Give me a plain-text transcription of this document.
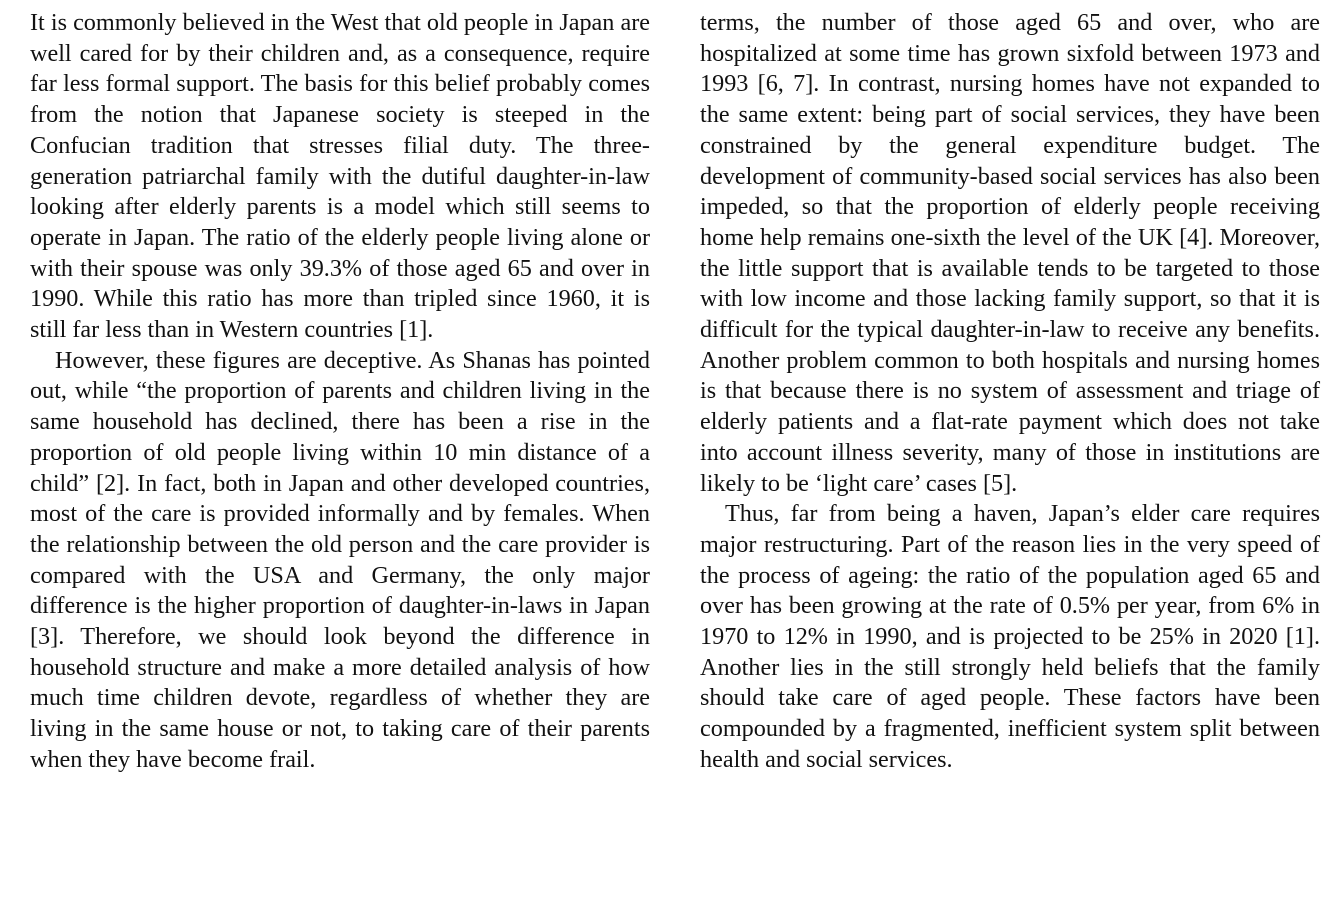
It is commonly believed in the West that old people in Japan are well cared for by their children and, as a consequence, require far less formal support. The basis for this belief probably comes from the notion that Japanese society is steeped in the Confucian tradition that stresses filial duty. The three-generation patriarchal family with the dutiful daughter-in-law looking after elderly parents is a model which still seems to operate in Japan. The ratio of the elderly people living alone or with their spouse was only 39.3% of those aged 65 and over in 1990. While this ratio has more than tripled since 1960, it is still far less than in Western countries [1].

However, these figures are deceptive. As Shanas has pointed out, while “the proportion of parents and children living in the same household has declined, there has been a rise in the proportion of old people living within 10 min distance of a child” [2]. In fact, both in Japan and other developed countries, most of the care is provided informally and by females. When the relationship between the old person and the care provider is compared with the USA and Germany, the only major difference is the higher proportion of daughter-in-laws in Japan [3]. Therefore, we should look beyond the difference in household structure and make a more detailed analysis of how much time children devote, regardless of whether they are living in the same house or not, to taking care of their parents when they have become frail.

terms, the number of those aged 65 and over, who are hospitalized at some time has grown sixfold between 1973 and 1993 [6, 7]. In contrast, nursing homes have not expanded to the same extent: being part of social services, they have been constrained by the general expenditure budget. The development of community-based social services has also been impeded, so that the proportion of elderly people receiving home help remains one-sixth the level of the UK [4]. Moreover, the little support that is available tends to be targeted to those with low income and those lacking family support, so that it is difficult for the typical daughter-in-law to receive any benefits. Another problem common to both hospitals and nursing homes is that because there is no system of assessment and triage of elderly patients and a flat-rate payment which does not take into account illness severity, many of those in institutions are likely to be ‘light care’ cases [5].

Thus, far from being a haven, Japan’s elder care requires major restructuring. Part of the reason lies in the very speed of the process of ageing: the ratio of the population aged 65 and over has been growing at the rate of 0.5% per year, from 6% in 1970 to 12% in 1990, and is projected to be 25% in 2020 [1]. Another lies in the still strongly held beliefs that the family should take care of aged people. These factors have been compounded by a fragmented, inefficient system split between health and social services.
